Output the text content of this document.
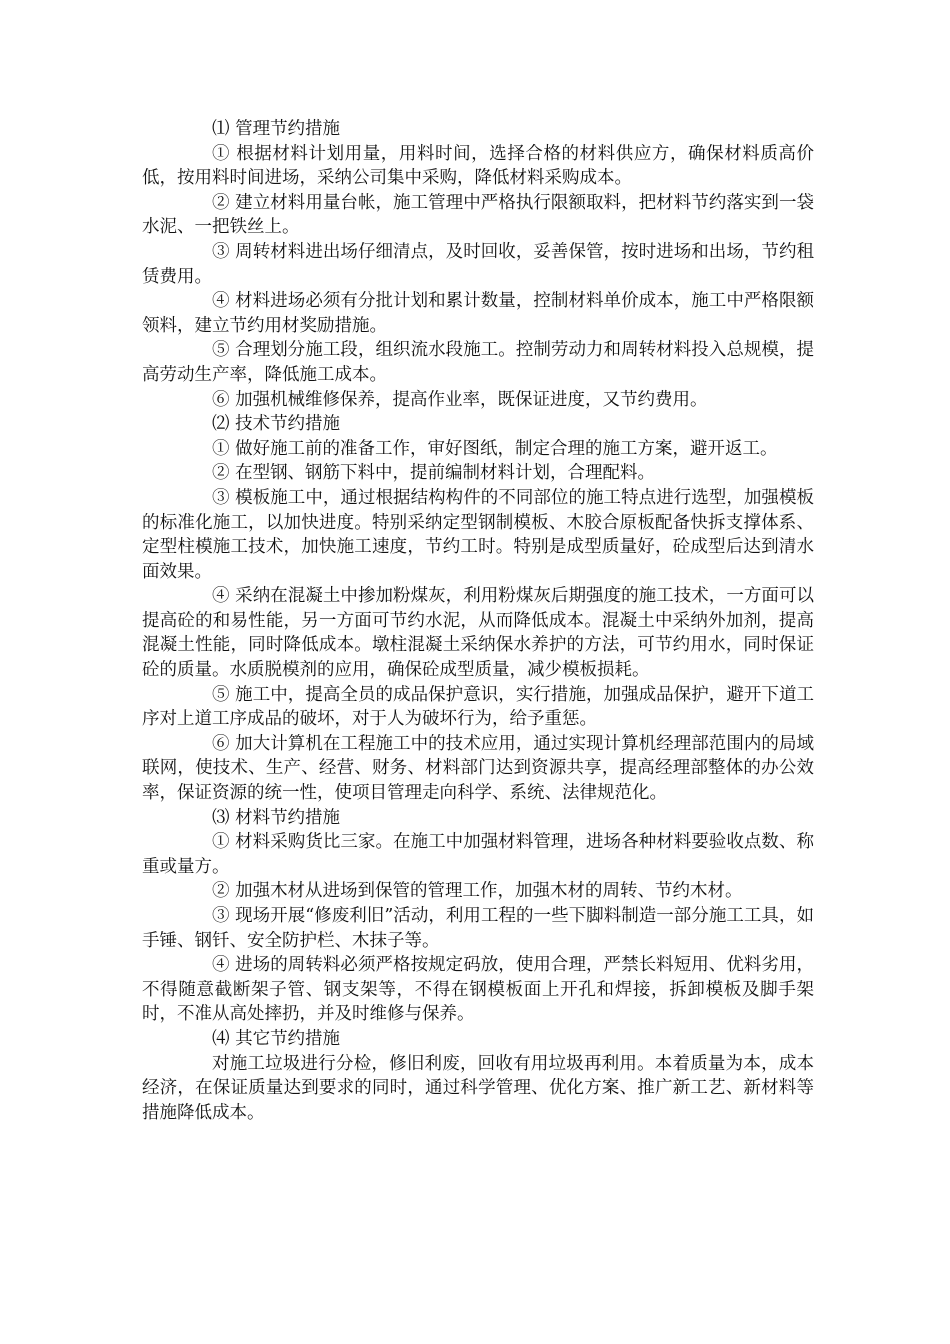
⑴ 管理节约措施

① 根据材料计划用量，用料时间，选择合格的材料供应方，确保材料质高价低，按用料时间进场，采纳公司集中采购，降低材料采购成本。

② 建立材料用量台帐，施工管理中严格执行限额取料，把材料节约落实到一袋水泥、一把铁丝上。

③ 周转材料进出场仔细清点，及时回收，妥善保管，按时进场和出场，节约租赁费用。

④ 材料进场必须有分批计划和累计数量，控制材料单价成本，施工中严格限额领料，建立节约用材奖励措施。

⑤ 合理划分施工段，组织流水段施工。控制劳动力和周转材料投入总规模，提高劳动生产率，降低施工成本。

⑥ 加强机械维修保养，提高作业率，既保证进度，又节约费用。

⑵ 技术节约措施

① 做好施工前的准备工作，审好图纸，制定合理的施工方案，避开返工。

② 在型钢、钢筋下料中，提前编制材料计划，合理配料。

③ 模板施工中，通过根据结构构件的不同部位的施工特点进行选型，加强模板的标准化施工，以加快进度。特别采纳定型钢制模板、木胶合原板配备快拆支撑体系、定型柱模施工技术，加快施工速度，节约工时。特别是成型质量好，砼成型后达到清水面效果。

④ 采纳在混凝土中掺加粉煤灰，利用粉煤灰后期强度的施工技术，一方面可以提高砼的和易性能，另一方面可节约水泥，从而降低成本。混凝土中采纳外加剂，提高混凝土性能，同时降低成本。墩柱混凝土采纳保水养护的方法，可节约用水，同时保证砼的质量。水质脱模剂的应用，确保砼成型质量，减少模板损耗。

⑤ 施工中，提高全员的成品保护意识，实行措施，加强成品保护，避开下道工序对上道工序成品的破坏，对于人为破坏行为，给予重惩。

⑥ 加大计算机在工程施工中的技术应用，通过实现计算机经理部范围内的局域联网，使技术、生产、经营、财务、材料部门达到资源共享，提高经理部整体的办公效率，保证资源的统一性，使项目管理走向科学、系统、法律规范化。

⑶ 材料节约措施

① 材料采购货比三家。在施工中加强材料管理，进场各种材料要验收点数、称重或量方。

② 加强木材从进场到保管的管理工作，加强木材的周转、节约木材。

③ 现场开展“修废利旧”活动，利用工程的一些下脚料制造一部分施工工具，如手锤、钢钎、安全防护栏、木抹子等。

④ 进场的周转料必须严格按规定码放，使用合理，严禁长料短用、优料劣用，不得随意截断架子管、钢支架等，不得在钢模板面上开孔和焊接，拆卸模板及脚手架时，不准从高处摔扔，并及时维修与保养。

⑷ 其它节约措施

对施工垃圾进行分检，修旧利废，回收有用垃圾再利用。本着质量为本，成本经济，在保证质量达到要求的同时，通过科学管理、优化方案、推广新工艺、新材料等措施降低成本。
